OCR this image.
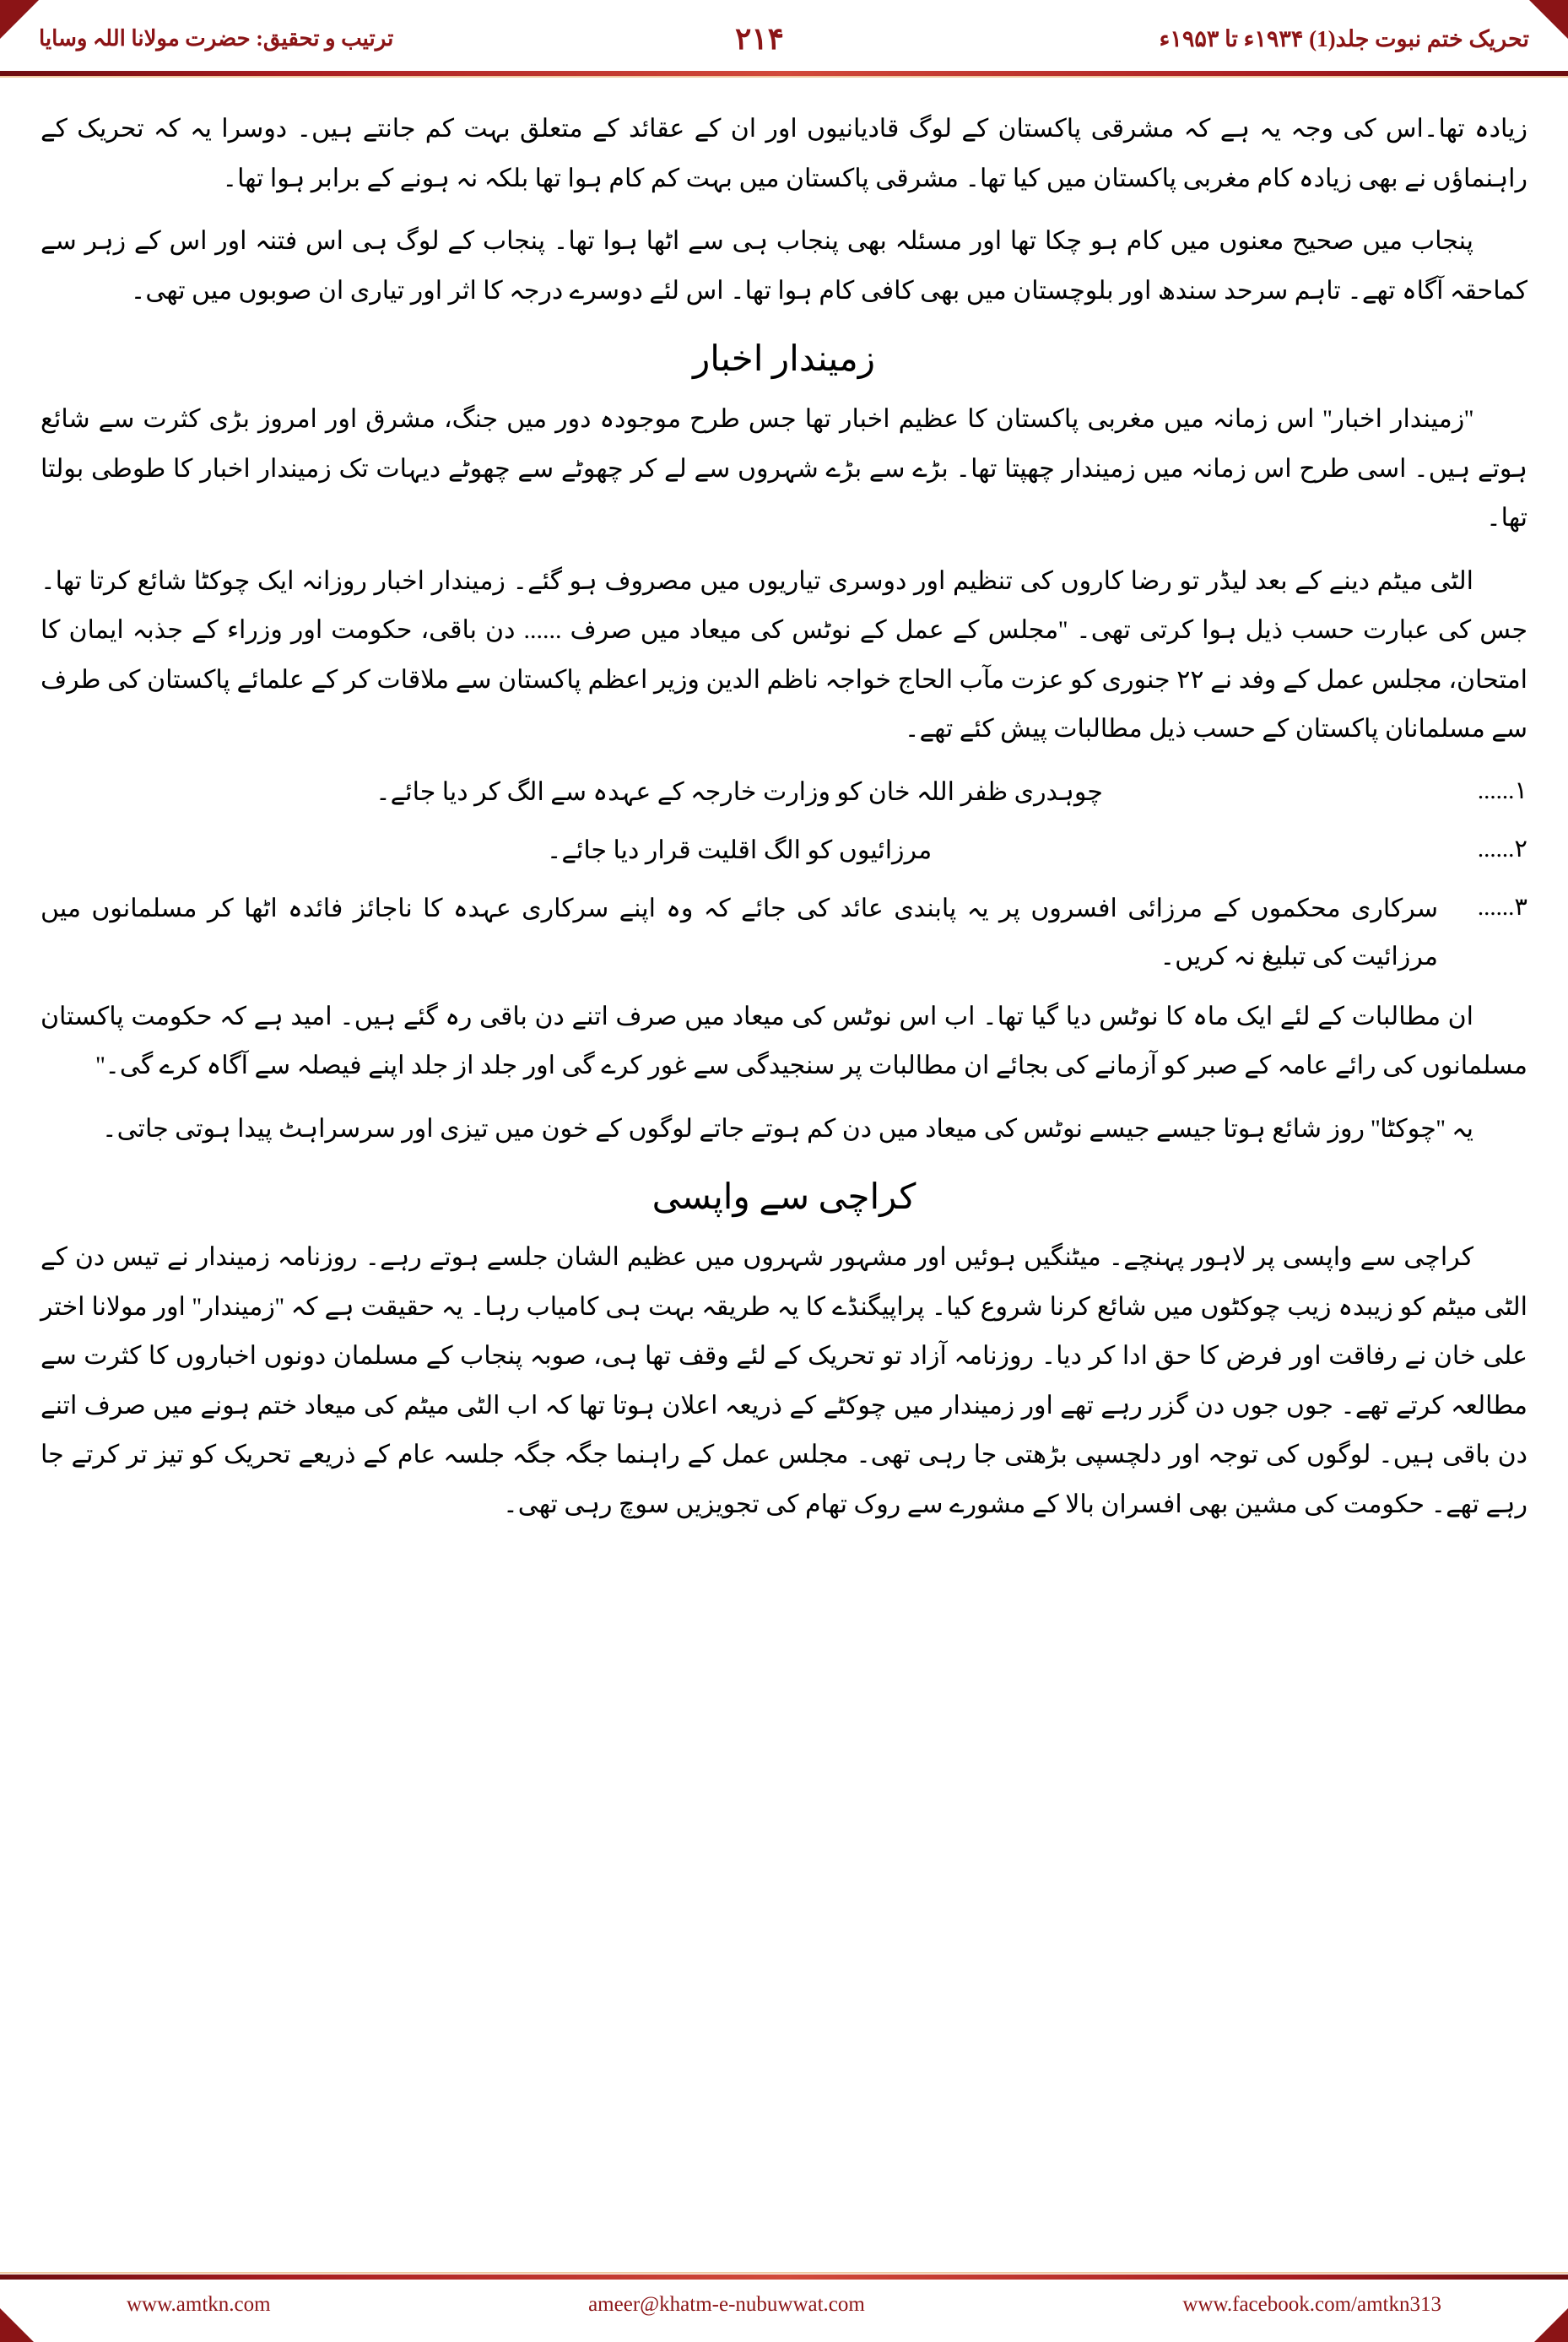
تحریک ختم نبوت جلد(1) ۱۹۳۴ء تا ۱۹۵۳ء
۲۱۴
ترتیب و تحقیق: حضرت مولانا اللہ وسایا

زیادہ تھا۔اس کی وجہ یہ ہے کہ مشرقی پاکستان کے لوگ قادیانیوں اور ان کے عقائد کے متعلق بہت کم جانتے ہیں۔ دوسرا یہ کہ تحریک کے راہنماؤں نے بھی زیادہ کام مغربی پاکستان میں کیا تھا۔ مشرقی پاکستان میں بہت کم کام ہوا تھا بلکہ نہ ہونے کے برابر ہوا تھا۔

پنجاب میں صحیح معنوں میں کام ہو چکا تھا اور مسئلہ بھی پنجاب ہی سے اٹھا ہوا تھا۔ پنجاب کے لوگ ہی اس فتنہ اور اس کے زہر سے کماحقہ آگاہ تھے۔ تاہم سرحد سندھ اور بلوچستان میں بھی کافی کام ہوا تھا۔ اس لئے دوسرے درجہ کا اثر اور تیاری ان صوبوں میں تھی۔

زمیندار اخبار

''زمیندار اخبار'' اس زمانہ میں مغربی پاکستان کا عظیم اخبار تھا جس طرح موجودہ دور میں جنگ، مشرق اور امروز بڑی کثرت سے شائع ہوتے ہیں۔ اسی طرح اس زمانہ میں زمیندار چھپتا تھا۔ بڑے سے بڑے شہروں سے لے کر چھوٹے سے چھوٹے دیہات تک زمیندار اخبار کا طوطی بولتا تھا۔

الٹی میٹم دینے کے بعد لیڈر تو رضا کاروں کی تنظیم اور دوسری تیاریوں میں مصروف ہو گئے۔ زمیندار اخبار روزانہ ایک چوکٹا شائع کرتا تھا۔ جس کی عبارت حسب ذیل ہوا کرتی تھی۔ ''مجلس کے عمل کے نوٹس کی میعاد میں صرف ...... دن باقی، حکومت اور وزراء کے جذبہ ایمان کا امتحان، مجلس عمل کے وفد نے ۲۲ جنوری کو عزت مآب الحاج خواجہ ناظم الدین وزیر اعظم پاکستان سے ملاقات کر کے علمائے پاکستان کی طرف سے مسلمانان پاکستان کے حسب ذیل مطالبات پیش کئے تھے۔

۱......
چوہدری ظفر اللہ خان کو وزارت خارجہ کے عہدہ سے الگ کر دیا جائے۔
۲......
مرزائیوں کو الگ اقلیت قرار دیا جائے۔
۳......
سرکاری محکموں کے مرزائی افسروں پر یہ پابندی عائد کی جائے کہ وہ اپنے سرکاری عہدہ کا ناجائز فائدہ اٹھا کر مسلمانوں میں مرزائیت کی تبلیغ نہ کریں۔

ان مطالبات کے لئے ایک ماہ کا نوٹس دیا گیا تھا۔ اب اس نوٹس کی میعاد میں صرف اتنے دن باقی رہ گئے ہیں۔ امید ہے کہ حکومت پاکستان مسلمانوں کی رائے عامہ کے صبر کو آزمانے کی بجائے ان مطالبات پر سنجیدگی سے غور کرے گی اور جلد از جلد اپنے فیصلہ سے آگاہ کرے گی۔''

یہ ''چوکٹا'' روز شائع ہوتا جیسے جیسے نوٹس کی میعاد میں دن کم ہوتے جاتے لوگوں کے خون میں تیزی اور سرسراہٹ پیدا ہوتی جاتی۔

کراچی سے واپسی

کراچی سے واپسی پر لاہور پہنچے۔ میٹنگیں ہوئیں اور مشہور شہروں میں عظیم الشان جلسے ہوتے رہے۔ روزنامہ زمیندار نے تیس دن کے الٹی میٹم کو زیبدہ زیب چوکٹوں میں شائع کرنا شروع کیا۔ پراپیگنڈے کا یہ طریقہ بہت ہی کامیاب رہا۔ یہ حقیقت ہے کہ ''زمیندار'' اور مولانا اختر علی خان نے رفاقت اور فرض کا حق ادا کر دیا۔ روزنامہ آزاد تو تحریک کے لئے وقف تھا ہی، صوبہ پنجاب کے مسلمان دونوں اخباروں کا کثرت سے مطالعہ کرتے تھے۔ جوں جوں دن گزر رہے تھے اور زمیندار میں چوکٹے کے ذریعہ اعلان ہوتا تھا کہ اب الٹی میٹم کی میعاد ختم ہونے میں صرف اتنے دن باقی ہیں۔ لوگوں کی توجہ اور دلچسپی بڑھتی جا رہی تھی۔ مجلس عمل کے راہنما جگہ جگہ جلسہ عام کے ذریعے تحریک کو تیز تر کرتے جا رہے تھے۔ حکومت کی مشین بھی افسران بالا کے مشورے سے روک تھام کی تجویزیں سوچ رہی تھی۔

www.amtkn.com	ameer@khatm-e-nubuwwat.com	www.facebook.com/amtkn313
